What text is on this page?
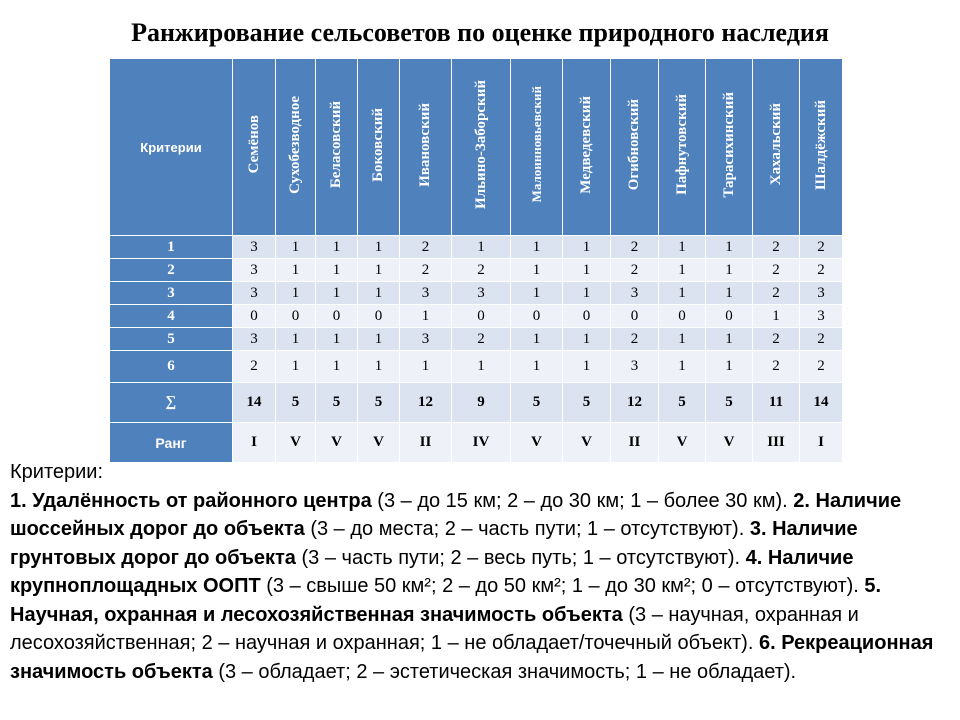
Ранжирование сельсоветов по оценке природного наследия
Критерии	Семёнов	Сухобезводное	Беласовский	Боковский	Ивановский	Ильино-Заборский	Малоинновьевский	Медведевский	Огибновский	Пафнутовский	Тарасихинский	Хахальский	Шалдёжский
1	3	1	1	1	2	1	1	1	2	1	1	2	2
2	3	1	1	1	2	2	1	1	2	1	1	2	2
3	3	1	1	1	3	3	1	1	3	1	1	2	3
4	0	0	0	0	1	0	0	0	0	0	0	1	3
5	3	1	1	1	3	2	1	1	2	1	1	2	2
6	2	1	1	1	1	1	1	1	3	1	1	2	2
∑	14	5	5	5	12	9	5	5	12	5	5	11	14
Ранг	I	V	V	V	II	IV	V	V	II	V	V	III	I
Критерии:
1. Удалённость от районного центра (3 – до 15 км; 2 – до 30 км; 1 – более 30 км). 2. Наличие шоссейных дорог до объекта (3 – до места; 2 – часть пути; 1 – отсутствуют). 3. Наличие грунтовых дорог до объекта (3 – часть пути; 2 – весь путь; 1 – отсутствуют). 4. Наличие крупноплощадных ООПТ (3 – свыше 50 км²; 2 – до 50 км²; 1 – до 30 км²; 0 – отсутствуют). 5. Научная, охранная и лесохозяйственная значимость объекта (3 – научная, охранная и лесохозяйственная; 2 – научная и охранная; 1 – не обладает/точечный объект). 6. Рекреационная значимость объекта (3 – обладает; 2 – эстетическая значимость; 1 – не обладает).
